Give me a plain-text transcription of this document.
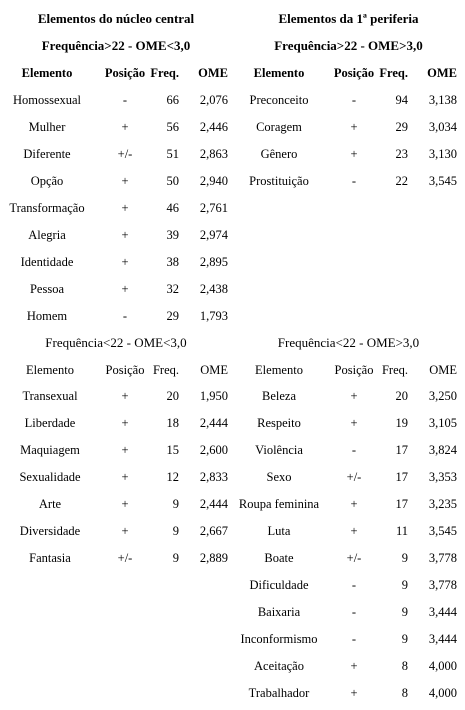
Elementos do núcleo central	Elementos da 1ª periferia
Frequência>22 - OME<3,0
Elemento	Posição Freq. OME
Homossexual	-	66 2,076
Mulher	+	56 2,446
Diferente	+/-	51 2,863
Opção	+	50 2,940
Transformação	+	46 2,761
Alegria	+	39 2,974
Identidade	+	38 2,895
Pessoa	+	32 2,438
Homem	-	29 1,793
Frequência>22 - OME>3,0
Elemento Posição Freq. OME
Preconceito	-	94 3,138
Coragem	+	29 3,034
Gênero	+	23 3,130
Prostituição	-	22 3,545
Frequência<22 - OME<3,0
Elemento	Posição Freq. OME
Transexual	+	20 1,950
Liberdade	+	18 2,444
Maquiagem	+	15 2,600
Sexualidade	+	12 2,833
Arte	+	9 2,444
Diversidade	+	9 2,667
Fantasia	+/-	9 2,889
Frequência<22 - OME>3,0
Elemento	Posição Freq. OME
Beleza	+	20 3,250
Respeito	+	19 3,105
Violência	-	17 3,824
Sexo	+/-	17 3,353
Roupa feminina	+	17 3,235
Luta	+	11 3,545
Boate	+/-	9 3,778
Dificuldade	-	9 3,778
Baixaria	-	9 3,444
Inconformismo	-	9 3,444
Aceitação	+	8 4,000
Trabalhador	+	8 4,000
